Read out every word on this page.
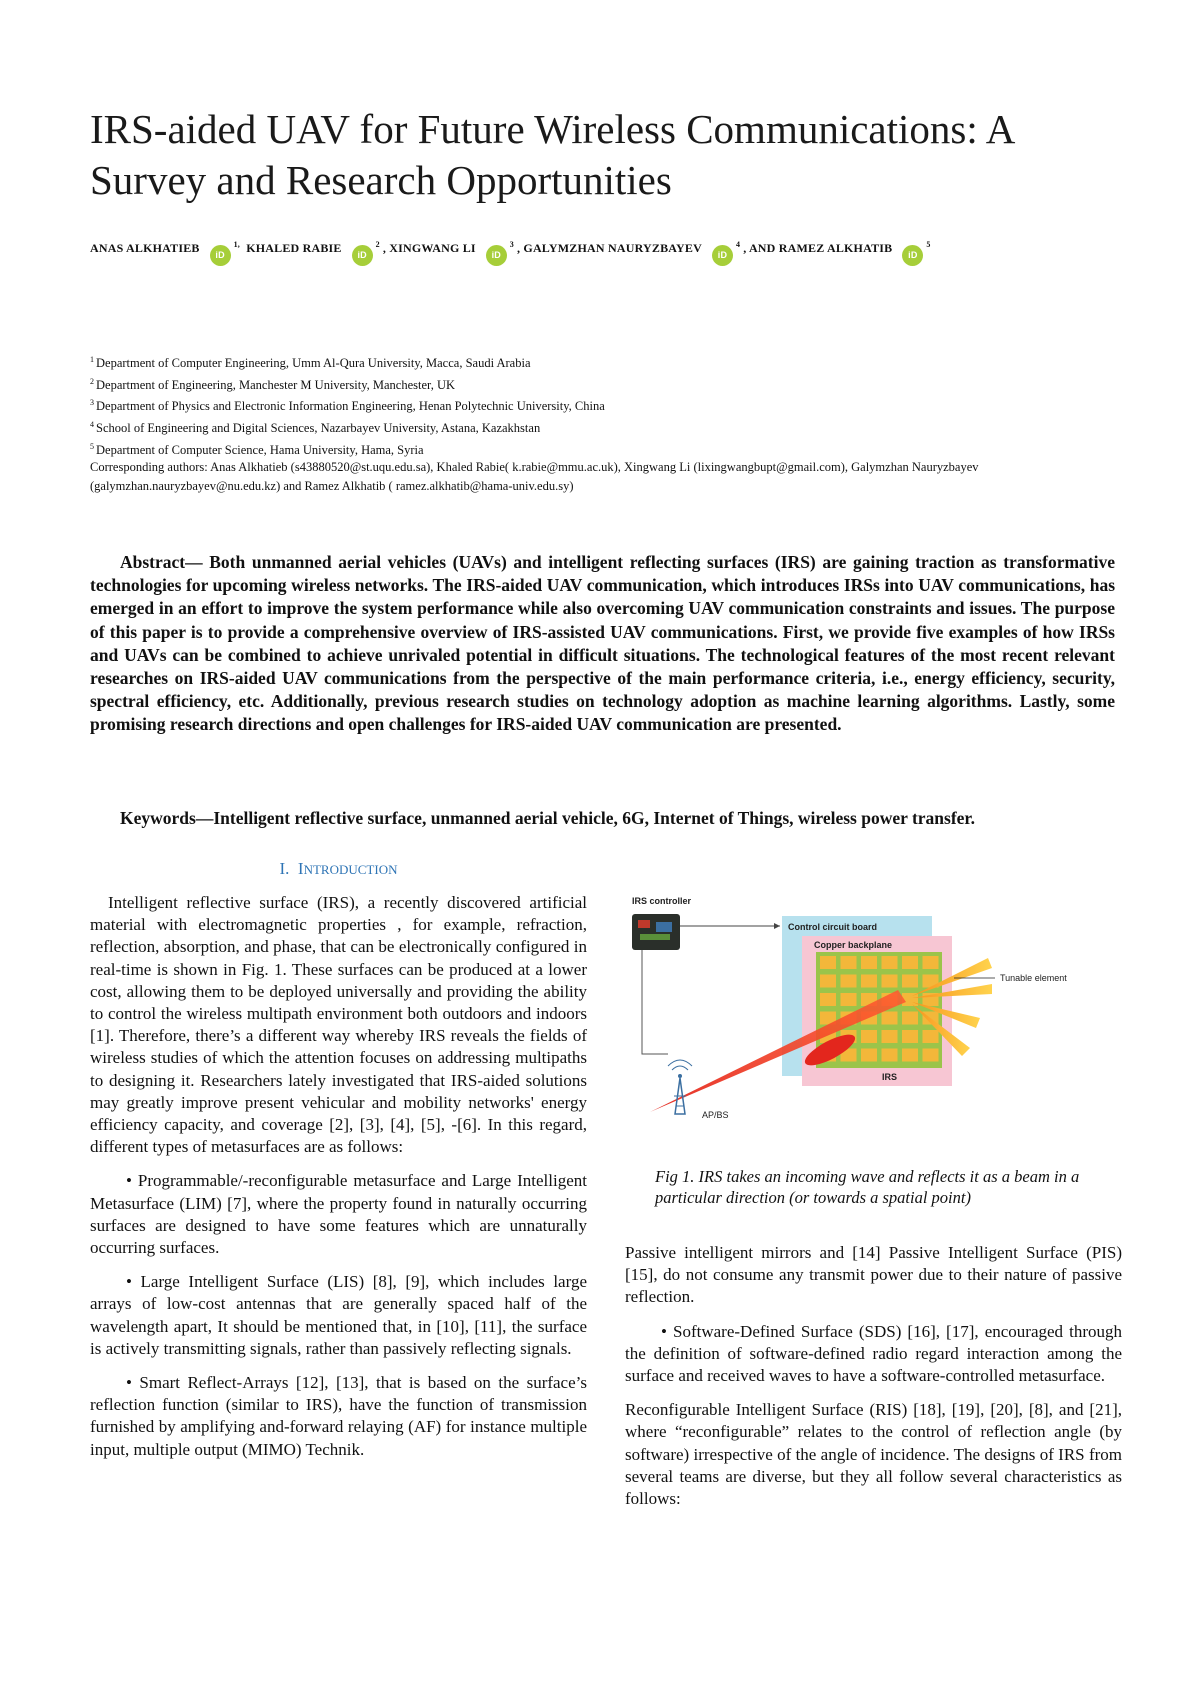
IRS-aided UAV for Future Wireless Communications: A Survey and Research Opportunities
ANAS ALKHATIEB $iD^{1,}$ KHALED RABIE $iD^2$ , XINGWANG LI $iD^3$ , GALYMZHAN NAURYZBAYEV $iD^4$ , AND RAMEZ ALKHATIB $iD^5$
$^1$ Department of Computer Engineering, Umm Al-Qura University, Macca, Saudi Arabia
$^2$ Department of Engineering, Manchester M University, Manchester, UK
$^3$ Department of Physics and Electronic Information Engineering, Henan Polytechnic University, China
$^4$ School of Engineering and Digital Sciences, Nazarbayev University, Astana, Kazakhstan
$^5$ Department of Computer Science, Hama University, Hama, Syria
Corresponding authors: Anas Alkhatieb (s43880520@st.uqu.edu.sa), Khaled Rabie( k.rabie@mmu.ac.uk), Xingwang Li (lixingwangbupt@gmail.com), Galymzhan Nauryzbayev (galymzhan.nauryzbayev@nu.edu.kz) and Ramez Alkhatib ( ramez.alkhatib@hama-univ.edu.sy)

Abstract— Both unmanned aerial vehicles (UAVs) and intelligent reflecting surfaces (IRS) are gaining traction as transformative technologies for upcoming wireless networks. The IRS-aided UAV communication, which introduces IRSs into UAV communications, has emerged in an effort to improve the system performance while also overcoming UAV communication constraints and issues. The purpose of this paper is to provide a comprehensive overview of IRS-assisted UAV communications. First, we provide five examples of how IRSs and UAVs can be combined to achieve unrivaled potential in difficult situations. The technological features of the most recent relevant researches on IRS-aided UAV communications from the perspective of the main performance criteria, i.e., energy efficiency, security, spectral efficiency, etc. Additionally, previous research studies on technology adoption as machine learning algorithms. Lastly, some promising research directions and open challenges for IRS-aided UAV communication are presented.

Keywords—Intelligent reflective surface, unmanned aerial vehicle, 6G, Internet of Things, wireless power transfer.

I. INTRODUCTION

Intelligent reflective surface (IRS), a recently discovered artificial material with electromagnetic properties , for example, refraction, reflection, absorption, and phase, that can be electronically configured in real-time is shown in Fig. 1. These surfaces can be produced at a lower cost, allowing them to be deployed universally and providing the ability to control the wireless multipath environment both outdoors and indoors [1]. Therefore, there’s a different way whereby IRS reveals the fields of wireless studies of which the attention focuses on addressing multipaths to designing it. Researchers lately investigated that IRS-aided solutions may greatly improve present vehicular and mobility networks' energy efficiency capacity, and coverage [2], [3], [4], [5], -[6]. In this regard, different types of metasurfaces are as follows:

• Programmable/-reconfigurable metasurface and Large Intelligent Metasurface (LIM) [7], where the property found in naturally occurring surfaces are designed to have some features which are unnaturally occurring surfaces.

• Large Intelligent Surface (LIS) [8], [9], which includes large arrays of low-cost antennas that are generally spaced half of the wavelength apart, It should be mentioned that, in [10], [11], the surface is actively transmitting signals, rather than passively reflecting signals.

• Smart Reflect-Arrays [12], [13], that is based on the surface’s reflection function (similar to IRS), have the function of transmission furnished by amplifying and-forward relaying (AF) for instance multiple input, multiple output (MIMO) Technik.

IRS controller
Control circuit board
Copper backplane
Tunable element
IRS
AP/BS

Fig 1. IRS takes an incoming wave and reflects it as a beam in a particular direction (or towards a spatial point)

Passive intelligent mirrors and [14] Passive Intelligent Surface (PIS) [15], do not consume any transmit power due to their nature of passive reflection.

• Software-Defined Surface (SDS) [16], [17], encouraged through the definition of software-defined radio regard interaction among the surface and received waves to have a software-controlled metasurface.

Reconfigurable Intelligent Surface (RIS) [18], [19], [20], [8], and [21], where “reconfigurable” relates to the control of reflection angle (by software) irrespective of the angle of incidence. The designs of IRS from several teams are diverse, but they all follow several characteristics as follows:
